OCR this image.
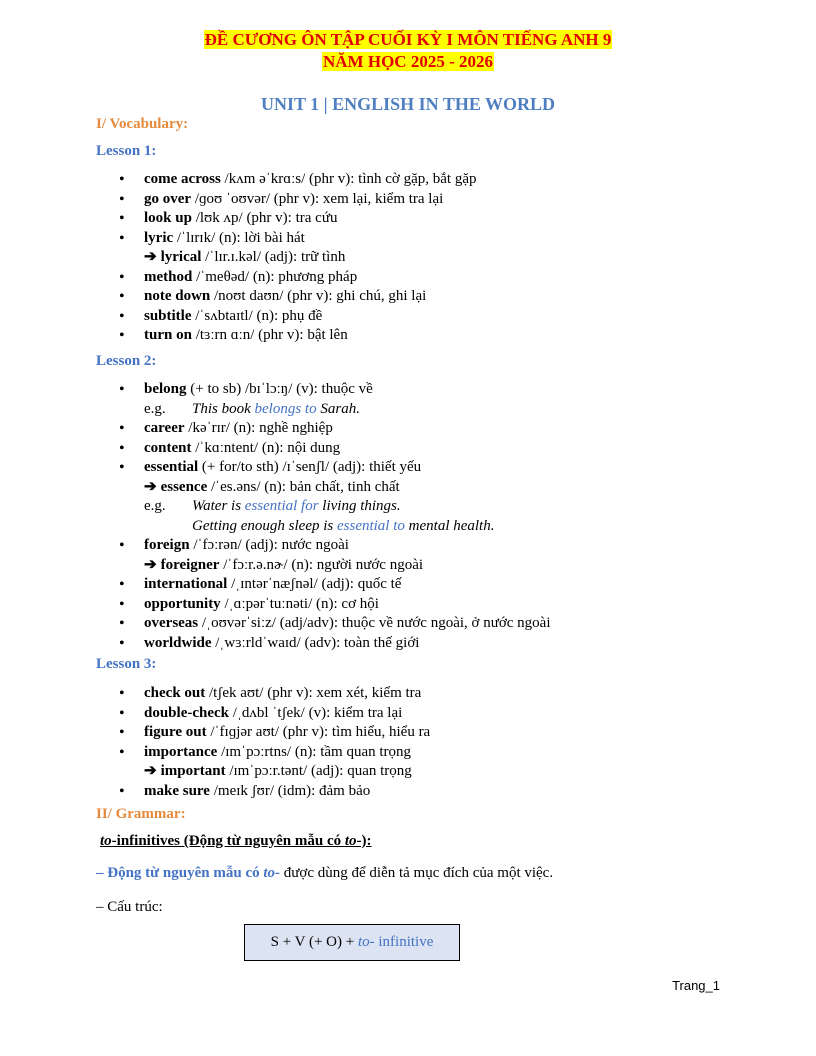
ĐỀ CƯƠNG ÔN TẬP CUỐI KỲ I MÔN TIẾNG ANH 9
NĂM HỌC 2025 - 2026
UNIT 1 | ENGLISH IN THE WORLD
I/ Vocabulary:
Lesson 1:
• come across /kʌm əˈkrɑːs/ (phr v): tình cờ gặp, bắt gặp
• go over /ɡoʊ ˈoʊvər/ (phr v): xem lại, kiểm tra lại
• look up /lʊk ʌp/ (phr v): tra cứu
• lyric /ˈlɪrɪk/ (n): lời bài hát
➔ lyrical /ˈlɪr.ɪ.kəl/ (adj): trữ tình
• method /ˈmeθəd/ (n): phương pháp
• note down /noʊt daʊn/ (phr v): ghi chú, ghi lại
• subtitle /ˈsʌbtaɪtl/ (n): phụ đề
• turn on /tɜːrn ɑːn/ (phr v): bật lên
Lesson 2:
• belong (+ to sb) /bɪˈlɔːŋ/ (v): thuộc về
e.g. This book belongs to Sarah.
• career /kəˈrɪr/ (n): nghề nghiệp
• content /ˈkɑːntent/ (n): nội dung
• essential (+ for/to sth) /ɪˈsenʃl/ (adj): thiết yếu
➔ essence /ˈes.əns/ (n): bản chất, tinh chất
e.g. Water is essential for living things.
Getting enough sleep is essential to mental health.
• foreign /ˈfɔːrən/ (adj): nước ngoài
➔ foreigner /ˈfɔːr.ə.nɚ/ (n): người nước ngoài
• international /ˌɪntərˈnæʃnəl/ (adj): quốc tế
• opportunity /ˌɑːpərˈtuːnəti/ (n): cơ hội
• overseas /ˌoʊvərˈsiːz/ (adj/adv): thuộc về nước ngoài, ở nước ngoài
• worldwide /ˌwɜːrldˈwaɪd/ (adv): toàn thế giới
Lesson 3:
• check out /tʃek aʊt/ (phr v): xem xét, kiểm tra
• double-check /ˌdʌbl ˈtʃek/ (v): kiểm tra lại
• figure out /ˈfɪɡjər aʊt/ (phr v): tìm hiểu, hiểu ra
• importance /ɪmˈpɔːrtns/ (n): tầm quan trọng
➔ important /ɪmˈpɔːr.tənt/ (adj): quan trọng
• make sure /meɪk ʃʊr/ (idm): đảm bảo
II/ Grammar:
to-infinitives (Động từ nguyên mẫu có to-):
– Động từ nguyên mẫu có to- được dùng để diễn tả mục đích của một việc.
– Cấu trúc:
S + V (+ O) + to- infinitive
Trang_1
